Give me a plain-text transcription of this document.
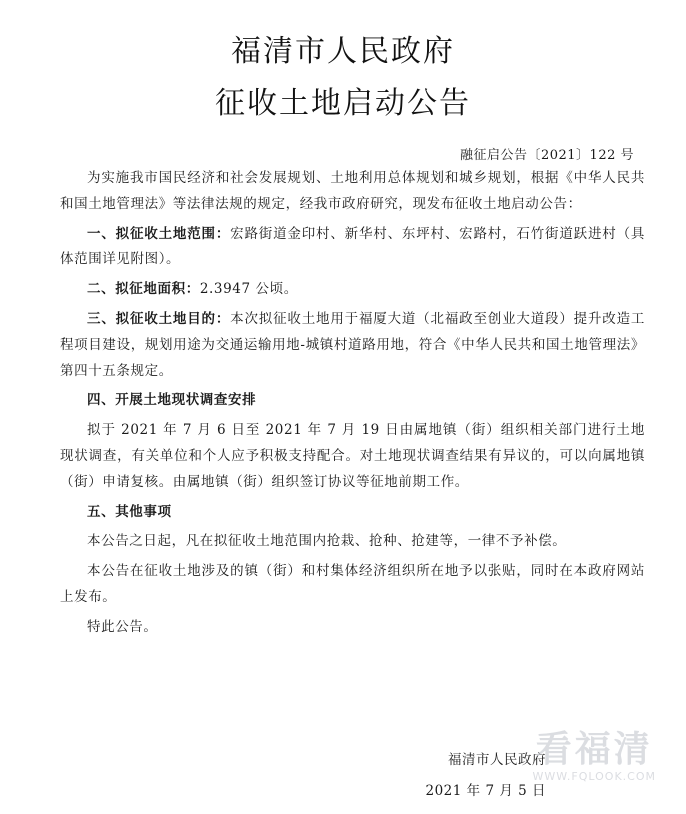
福清市人民政府
征收土地启动公告
融征启公告〔2021〕122 号

为实施我市国民经济和社会发展规划、土地利用总体规划和城乡规划，根据《中华人民共和国土地管理法》等法律法规的规定，经我市政府研究，现发布征收土地启动公告：

一、拟征收土地范围：宏路街道金印村、新华村、东坪村、宏路村，石竹街道跃进村（具体范围详见附图）。

二、拟征地面积：2.3947 公顷。

三、拟征收土地目的：本次拟征收土地用于福厦大道（北福政至创业大道段）提升改造工程项目建设，规划用途为交通运输用地-城镇村道路用地，符合《中华人民共和国土地管理法》第四十五条规定。

四、开展土地现状调查安排

拟于 2021 年 7 月 6 日至 2021 年 7 月 19 日由属地镇（街）组织相关部门进行土地现状调查，有关单位和个人应予积极支持配合。对土地现状调查结果有异议的，可以向属地镇（街）申请复核。由属地镇（街）组织签订协议等征地前期工作。

五、其他事项

本公告之日起，凡在拟征收土地范围内抢栽、抢种、抢建等，一律不予补偿。

本公告在征收土地涉及的镇（街）和村集体经济组织所在地予以张贴，同时在本政府网站上发布。

特此公告。

福清市人民政府
2021 年 7 月 5 日
看福清
WWW.FQLOOK.COM
